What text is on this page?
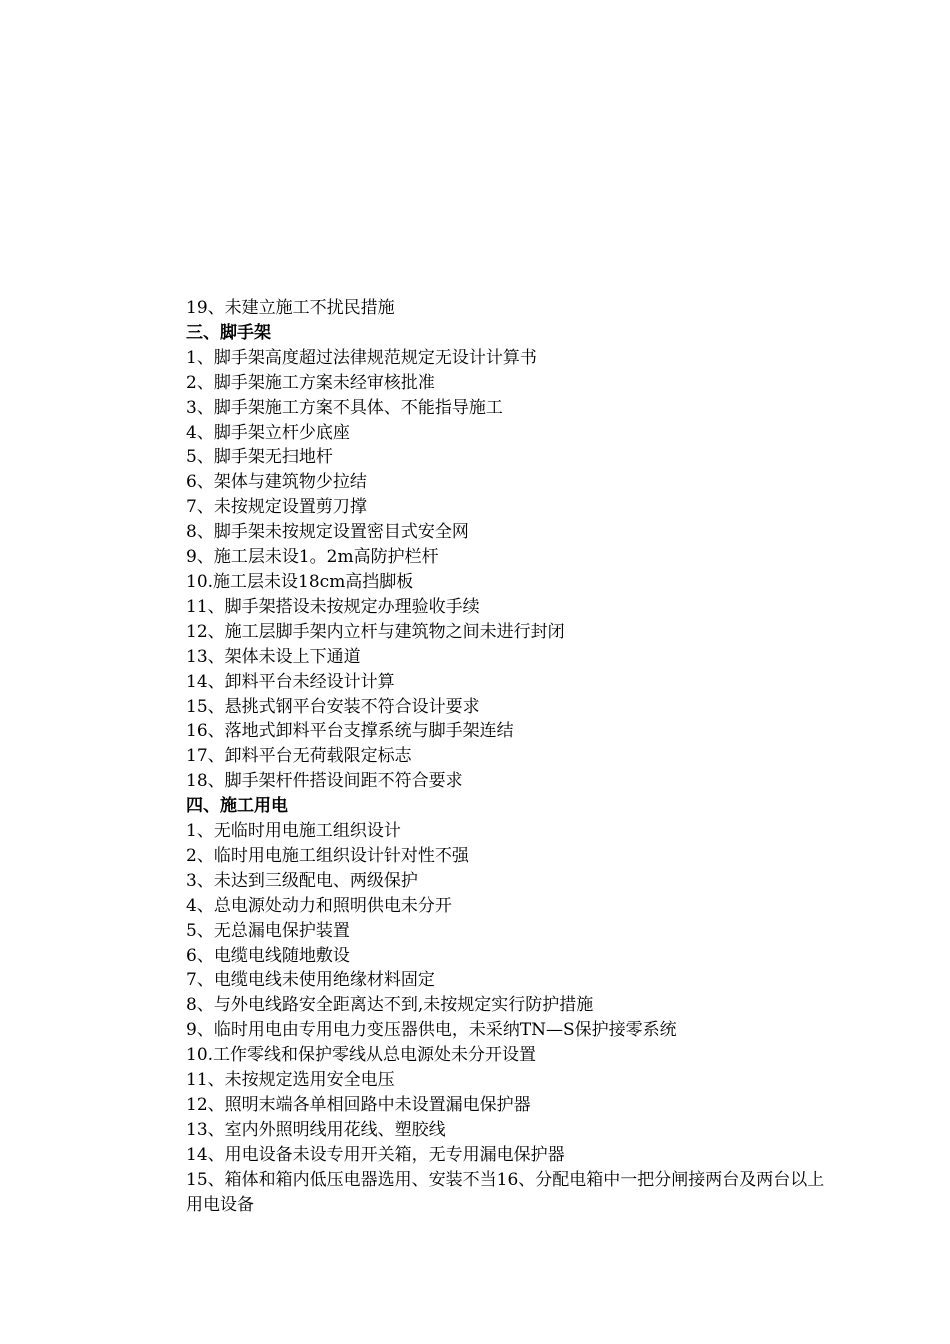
19、未建立施工不扰民措施

三、脚手架

1、脚手架高度超过法律规范规定无设计计算书

2、脚手架施工方案未经审核批准

3、脚手架施工方案不具体、不能指导施工

4、脚手架立杆少底座

5、脚手架无扫地杆

6、架体与建筑物少拉结

7、未按规定设置剪刀撑

8、脚手架未按规定设置密目式安全网

9、施工层未设1。2m高防护栏杆

10.施工层未设18cm高挡脚板

11、脚手架搭设未按规定办理验收手续

12、施工层脚手架内立杆与建筑物之间未进行封闭

13、架体未设上下通道

14、卸料平台未经设计计算

15、悬挑式钢平台安装不符合设计要求

16、落地式卸料平台支撑系统与脚手架连结

17、卸料平台无荷载限定标志

18、脚手架杆件搭设间距不符合要求

四、施工用电

1、无临时用电施工组织设计

2、临时用电施工组织设计针对性不强

3、未达到三级配电、两级保护

4、总电源处动力和照明供电未分开

5、无总漏电保护装置

6、电缆电线随地敷设

7、电缆电线未使用绝缘材料固定

8、与外电线路安全距离达不到,未按规定实行防护措施

9、临时用电由专用电力变压器供电，未采纳TN—S保护接零系统

10.工作零线和保护零线从总电源处未分开设置

11、未按规定选用安全电压

12、照明末端各单相回路中未设置漏电保护器

13、室内外照明线用花线、塑胶线

14、用电设备未设专用开关箱，无专用漏电保护器

15、箱体和箱内低压电器选用、安装不当16、分配电箱中一把分闸接两台及两台以上用电设备
